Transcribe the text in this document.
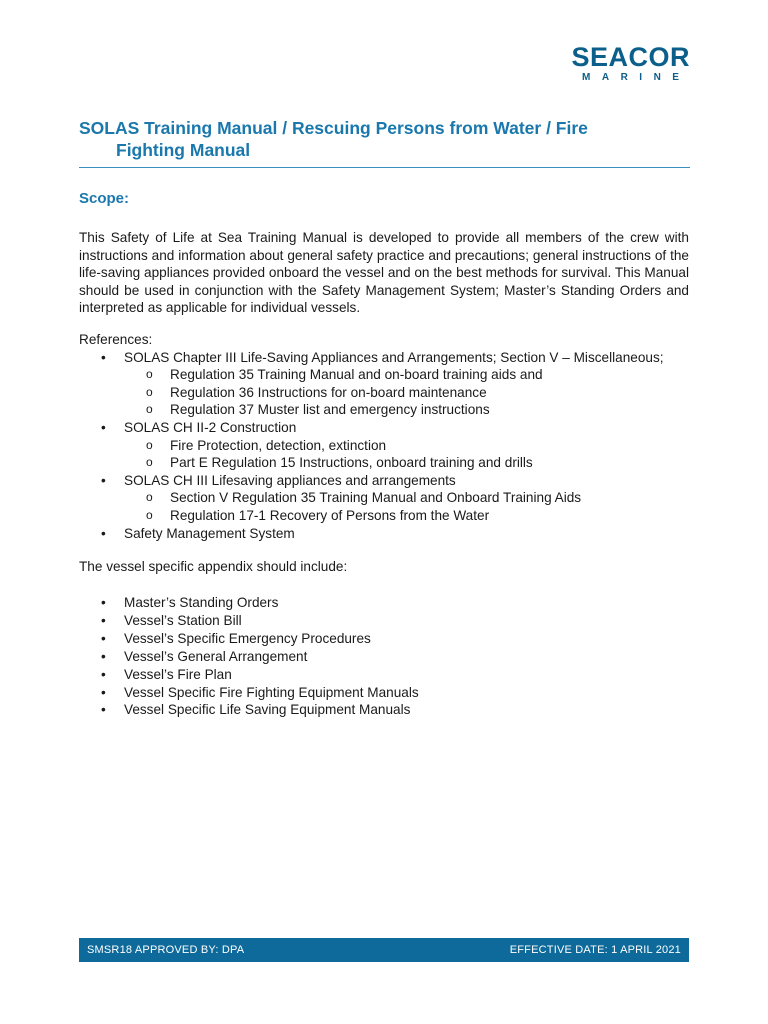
SEACOR
MARINE
SOLAS Training Manual / Rescuing Persons from Water / Fire
Fighting Manual
Scope:
This Safety of Life at Sea Training Manual is developed to provide all members of the crew with instructions and information about general safety practice and precautions; general instructions of the life-saving appliances provided onboard the vessel and on the best methods for survival. This Manual should be used in conjunction with the Safety Management System; Master’s Standing Orders and interpreted as applicable for individual vessels.
References:
• SOLAS Chapter III Life-Saving Appliances and Arrangements; Section V – Miscellaneous;
o Regulation 35 Training Manual and on-board training aids and
o Regulation 36 Instructions for on-board maintenance
o Regulation 37 Muster list and emergency instructions
• SOLAS CH II-2 Construction
o Fire Protection, detection, extinction
o Part E Regulation 15 Instructions, onboard training and drills
• SOLAS CH III Lifesaving appliances and arrangements
o Section V Regulation 35 Training Manual and Onboard Training Aids
o Regulation 17-1 Recovery of Persons from the Water
• Safety Management System
The vessel specific appendix should include:
• Master’s Standing Orders
• Vessel’s Station Bill
• Vessel’s Specific Emergency Procedures
• Vessel’s General Arrangement
• Vessel’s Fire Plan
• Vessel Specific Fire Fighting Equipment Manuals
• Vessel Specific Life Saving Equipment Manuals
SMSR18 APPROVED BY: DPA	EFFECTIVE DATE: 1 APRIL 2021
